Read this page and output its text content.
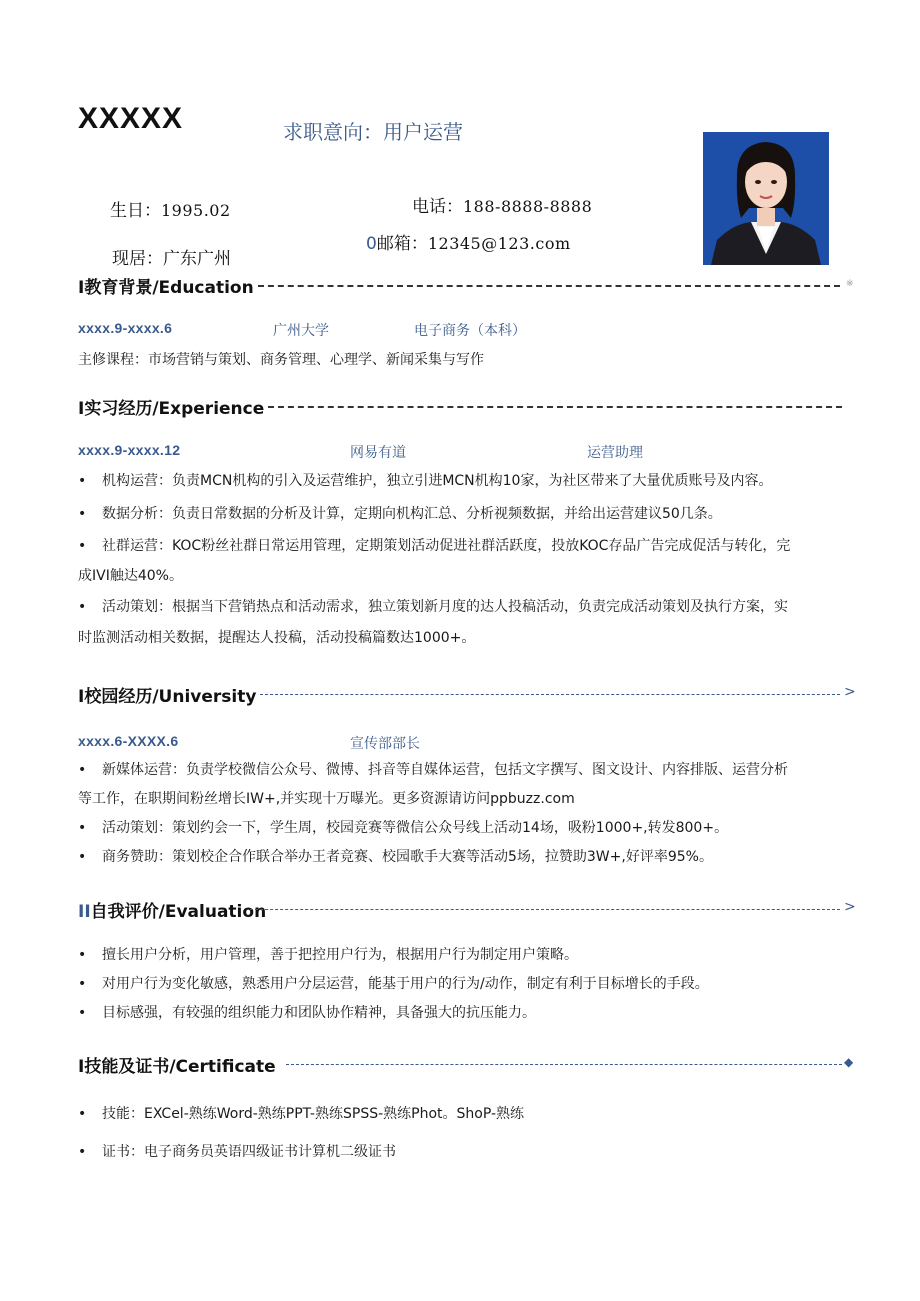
XXXXX	求职意向：用户运营
生日：1995.02	电话：188-8888-8888
现居：广东广州
0邮箱：12345@123.com
I教育背景/Education	※
xxxx.9-xxxx.6	广州大学	电子商务（本科）
主修课程：市场营销与策划、商务管理、心理学、新闻采集与写作
I实习经历/Experience
xxxx.9-xxxx.12	网易有道	运营助理
• 机构运营：负责MCN机构的引入及运营维护，独立引进MCN机构10家，为社区带来了大量优质账号及内容。
• 数据分析：负责日常数据的分析及计算，定期向机构汇总、分析视频数据，并给出运营建议50几条。
• 社群运营：KOC粉丝社群日常运用管理，定期策划活动促进社群活跃度，投放KOC存品广告完成促活与转化，完
成IVI触达40%。
• 活动策划：根据当下营销热点和活动需求，独立策划新月度的达人投稿活动，负责完成活动策划及执行方案，实
时监测活动相关数据，提醒达人投稿，活动投稿篇数达1000+。
I校园经历/University	>
xxxx.6-XXXX.6	宣传部部长
• 新媒体运营：负责学校微信公众号、微博、抖音等自媒体运营，包括文字撰写、图文设计、内容排版、运营分析
等工作，在职期间粉丝增长IW+,并实现十万曝光。更多资源请访问ppbuzz.com
• 活动策划：策划约会一下，学生周，校园竞赛等微信公众号线上活动14场，吸粉1000+,转发800+。
• 商务赞助：策划校企合作联合举办王者竞赛、校园歌手大赛等活动5场，拉赞助3W+,好评率95%。
II自我评价/Evaluation	>
• 擅长用户分析，用户管理，善于把控用户行为，根据用户行为制定用户策略。
• 对用户行为变化敏感，熟悉用户分层运营，能基于用户的行为/动作，制定有利于目标增长的手段。
• 目标感强，有较强的组织能力和团队协作精神，具备强大的抗压能力。
I技能及证书/Certificate	◆
• 技能：EXCel-熟练Word-熟练PPT-熟练SPSS-熟练Phot。ShoP-熟练
• 证书：电子商务员英语四级证书计算机二级证书
